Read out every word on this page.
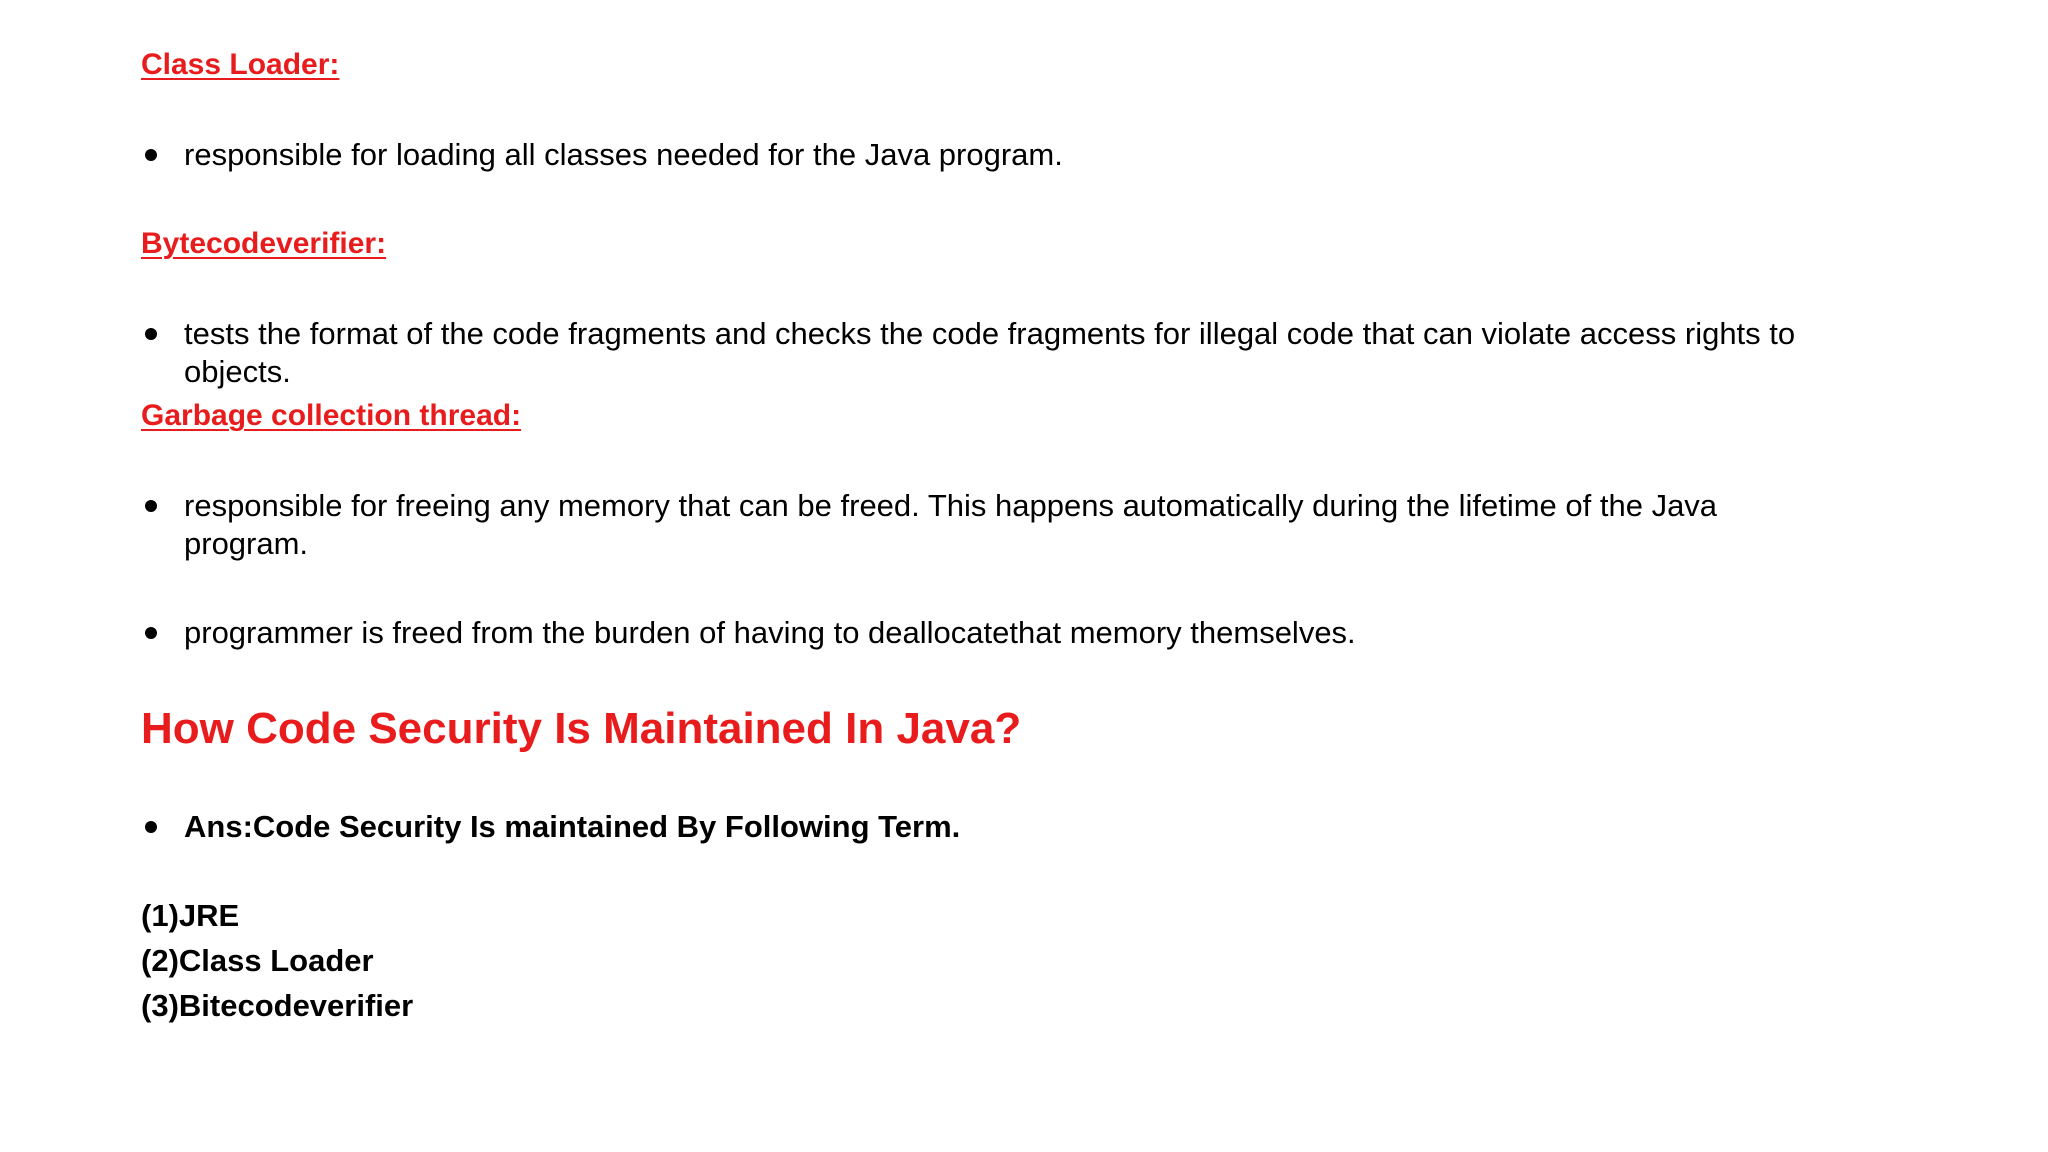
Class Loader:
responsible for loading all classes needed for the Java program.
Bytecodeverifier:
tests the format of the code fragments and checks the code fragments for illegal code that can violate access rights to objects.
Garbage collection thread:
responsible for freeing any memory that can be freed. This happens automatically during the lifetime of the Java program.
programmer is freed from the burden of having to deallocatethat memory themselves.
How Code Security Is Maintained In Java?
Ans:Code Security Is maintained By Following Term.
(1)JRE
(2)Class Loader
(3)Bitecodeverifier
